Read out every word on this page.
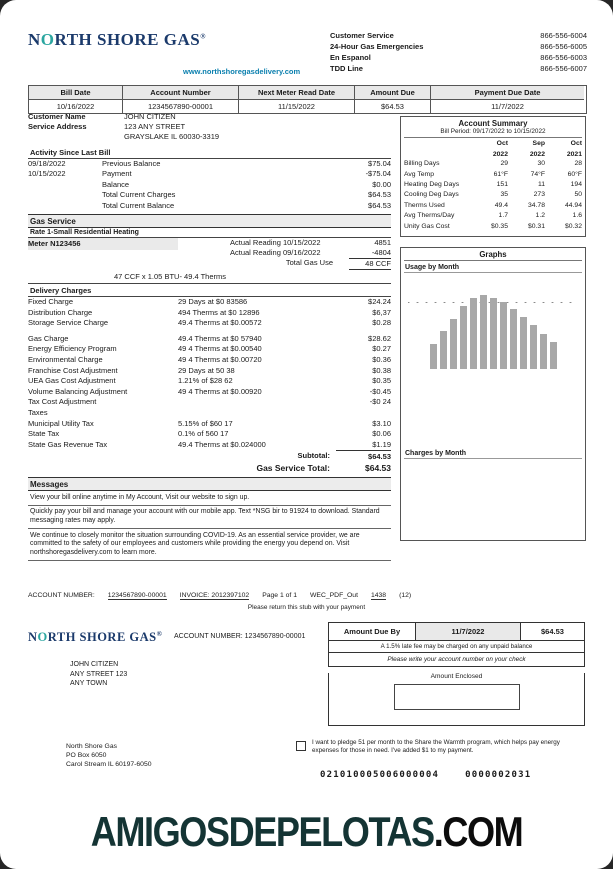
NORTH SHORE GAS®	Customer Service	866-556-6004
24-Hour Gas Emergencies	866-556-6005
En Espanol	866-556-6003
TDD Line	866-556-6007
www.northshoregasdelivery.com
Bill Date	Account Number	Next Meter Read Date	Amount Due	Payment Due Date
10/16/2022	1234567890-00001	11/15/2022	$64.53	11/7/2022
Customer Name	JOHN CITIZEN
Service Address	123 ANY STREET
GRAYSLAKE IL 60030-3319
Activity Since Last Bill
09/18/2022	Previous Balance	$75.04
10/15/2022	Payment	-$75.04
Balance	$0.00
Total Current Charges	$64.53
Total Current Balance	$64.53
Gas Service
Rate 1-Small Residential Heating
Meter N123456	Actual Reading 10/15/2022	4851
Actual Reading 09/16/2022	-4804
Total Gas Use	48 CCF
47 CCF x 1.05 BTU- 49.4 Therms
Delivery Charges
Fixed Charge	29 Days at $0 83586	$24.24
Distribution Charge	494 Therms at $0 12896	$6,37
Storage Service Charge	49.4 Therms at $0.00572	$0.28
Gas Charge	49.4 Therms at $0 57940	$28.62
Energy Efficiency Program	49 4 Therms at $0.00540	$0.27
Environmental Charge	49 4 Therms at $0.00720	$0.36
Franchise Cost Adjustment	29 Days at 50 38	$0.38
UEA Gas Cost Adjustment	1.21% of $28 62	$0.35
Volume Balancing Adjustment	49 4 Therms at $0.00920	-$0.45
Tax Cost Adjustment	-$0 24
Taxes
Municipal Utility Tax	5.15% of $60 17	$3.10
State Tax	0.1% of 560 17	$0.06
State Gas Revenue Tax	49.4 Therms at $0.024000	$1.19
Subtotal:	$64.53
Gas Service Total:	$64.53
Messages
View your bill online anytime in My Account, Visit our website to sign up.
Quickly pay your bill and manage your account with our mobile app. Text *NSG bir to 91924 to download. Standard messaging rates may apply.
We continue to closely monitor the situation surrounding COVID-19. As an essential service provider, we are committed to the safety of our employees and customers while providing the energy you depend on. Visit northshoregasdelivery.com to learn more.
Account Summary
Bill Period: 09/17/2022 to 10/15/2022
Oct	Sep	Oct
2022	2022	2021
Billing Days	29	30	28
Avg Temp	61°F	74°F	60°F
Heating Deg Days	151	11	194
Cooling Deg Days	35	273	50
Therms Used	49.4	34.78	44.94
Avg Therms/Day	1.7	1.2	1.6
Unity Gas Cost	$0.35	$0.31	$0.32
Graphs
Usage by Month
Charges by Month
ACCOUNT NUMBER: 1234567890-00001 INVOICE: 2012397102 Page 1 of 1 WEC_PDF_Out 1438 (12)
Please return this stub with your payment
NORTH SHORE GAS® ACCOUNT NUMBER: 1234567890-00001
Amount Due By	11/7/2022	$64.53
A 1.5% late fee may be charged on any unpaid balance
Please write your account number on your check
Amount Enclosed
JOHN CITIZEN
ANY STREET 123
ANY TOWN
North Shore Gas
PO Box 6050
Carol Stream IL 60197-6050
I want to pledge 51 per month to the Share the Warmth program, which helps pay energy expenses for those in need. I've added $1 to my payment.
021010005006000004	0000002031
AMIGOSDEPELOTAS.COM
